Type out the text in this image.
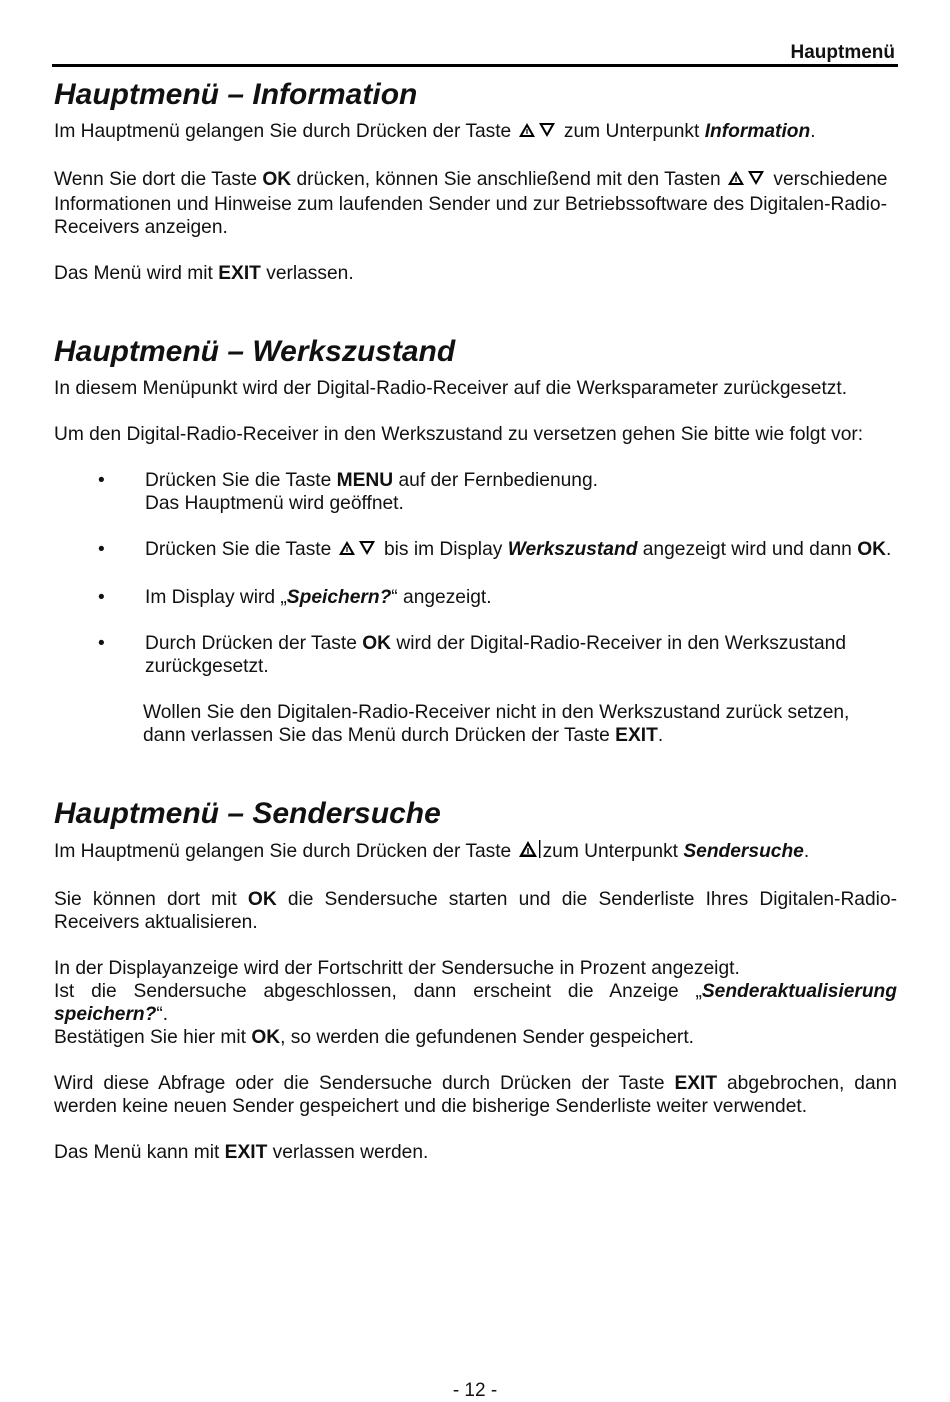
Hauptmenü
Hauptmenü – Information

Im Hauptmenü gelangen Sie durch Drücken der Taste	zum Unterpunkt Information.

Wenn Sie dort die Taste OK drücken, können Sie anschließend mit den Tasten	verschiedene Informationen und Hinweise zum laufenden Sender und zur Betriebssoftware des Digitalen-Radio-Receivers anzeigen.

Das Menü wird mit EXIT verlassen.

Hauptmenü – Werkszustand

In diesem Menüpunkt wird der Digital-Radio-Receiver auf die Werksparameter zurückgesetzt.

Um den Digital-Radio-Receiver in den Werkszustand zu versetzen gehen Sie bitte wie folgt vor:

• Drücken Sie die Taste MENU auf der Fernbedienung.
Das Hauptmenü wird geöffnet.
• Drücken Sie die Taste	bis im Display Werkszustand angezeigt wird und dann OK.
• Im Display wird „Speichern?“ angezeigt.
• Durch Drücken der Taste OK wird der Digital-Radio-Receiver in den Werkszustand zurückgesetzt.

Wollen Sie den Digitalen-Radio-Receiver nicht in den Werkszustand zurück setzen, dann verlassen Sie das Menü durch Drücken der Taste EXIT.

Hauptmenü – Sendersuche

Im Hauptmenü gelangen Sie durch Drücken der Taste zum Unterpunkt Sendersuche.

Sie können dort mit OK die Sendersuche starten und die Senderliste Ihres Digitalen-Radio-Receivers aktualisieren.

In der Displayanzeige wird der Fortschritt der Sendersuche in Prozent angezeigt.

Ist die Sendersuche abgeschlossen, dann erscheint die Anzeige „Senderaktualisierung speichern?“.

Bestätigen Sie hier mit OK, so werden die gefundenen Sender gespeichert.

Wird diese Abfrage oder die Sendersuche durch Drücken der Taste EXIT abgebrochen, dann werden keine neuen Sender gespeichert und die bisherige Senderliste weiter verwendet.

Das Menü kann mit EXIT verlassen werden.

- 12 -
